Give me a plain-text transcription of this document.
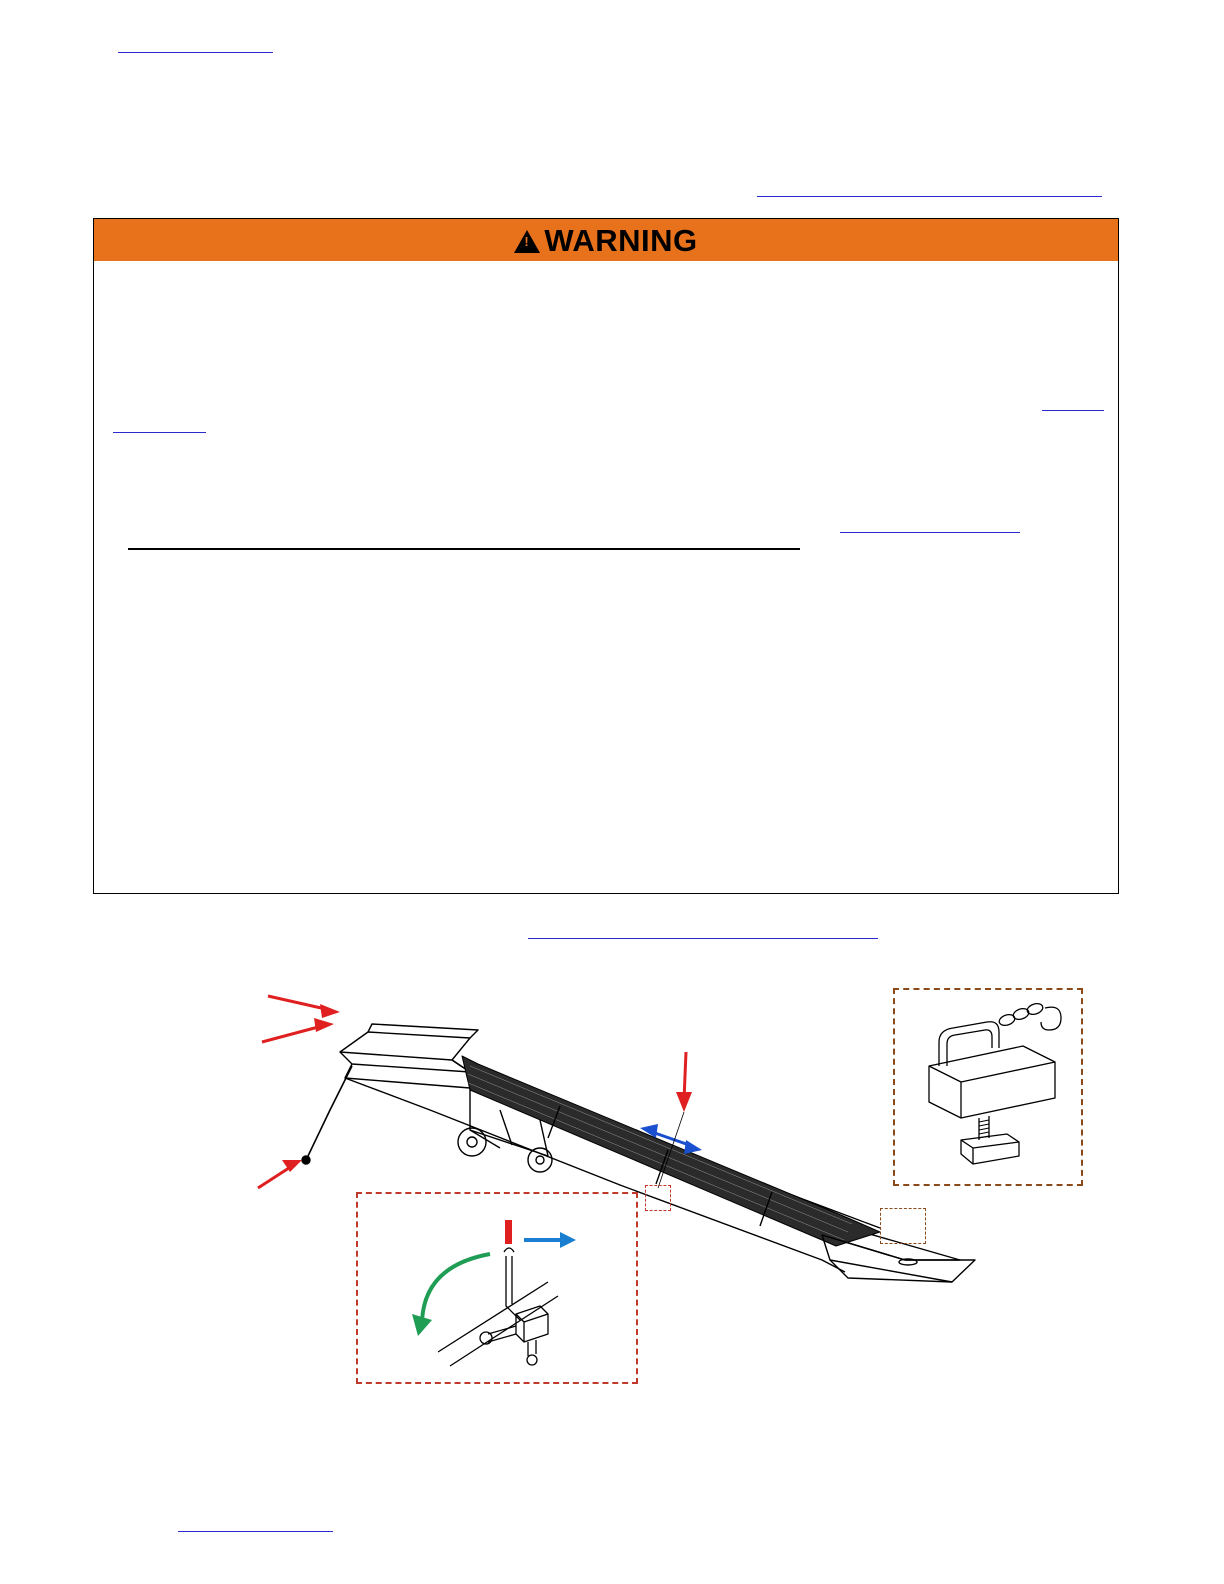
!
WARNING
